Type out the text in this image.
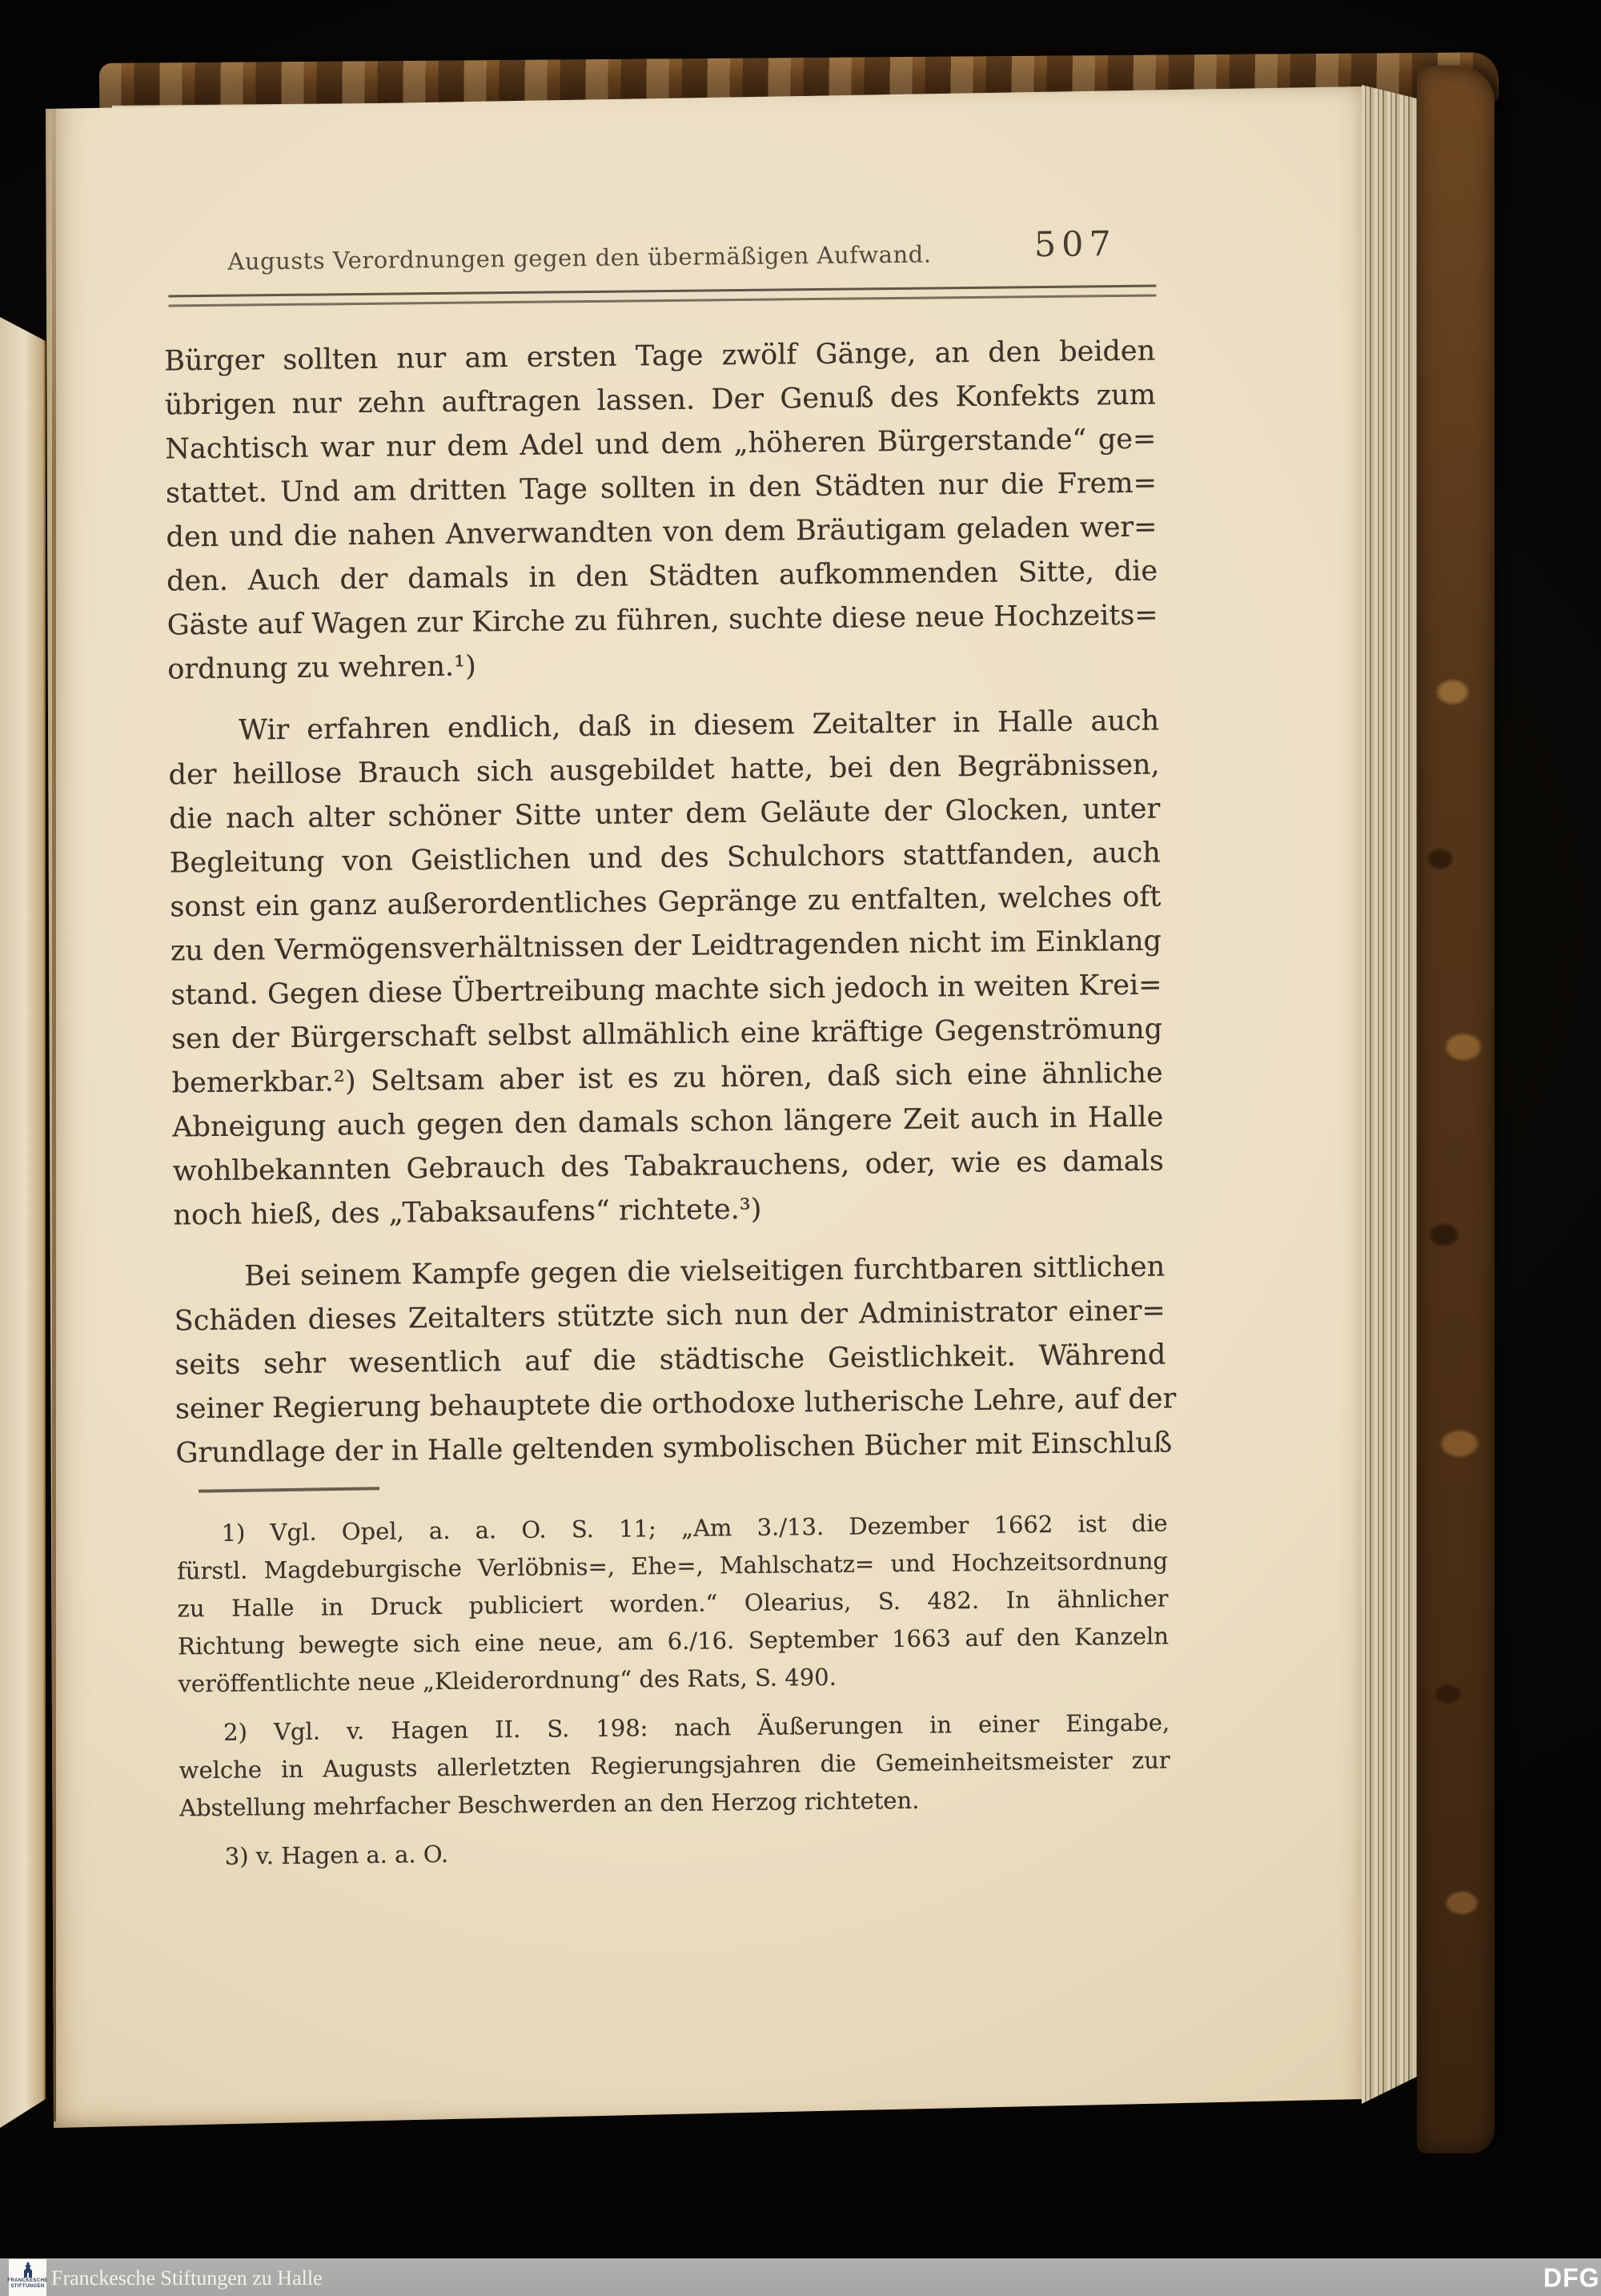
Augusts Verordnungen gegen den übermäßigen Aufwand.	507
Bürger sollten nur am ersten Tage zwölf Gänge, an den beiden
übrigen nur zehn auftragen lassen. Der Genuß des Konfekts zum
Nachtisch war nur dem Adel und dem „höheren Bürgerstande“ ge=
stattet. Und am dritten Tage sollten in den Städten nur die Frem=
den und die nahen Anverwandten von dem Bräutigam geladen wer=
den. Auch der damals in den Städten aufkommenden Sitte, die
Gäste auf Wagen zur Kirche zu führen, suchte diese neue Hochzeits=
ordnung zu wehren.¹)
Wir erfahren endlich, daß in diesem Zeitalter in Halle auch
der heillose Brauch sich ausgebildet hatte, bei den Begräbnissen,
die nach alter schöner Sitte unter dem Geläute der Glocken, unter
Begleitung von Geistlichen und des Schulchors stattfanden, auch
sonst ein ganz außerordentliches Gepränge zu entfalten, welches oft
zu den Vermögensverhältnissen der Leidtragenden nicht im Einklang
stand. Gegen diese Übertreibung machte sich jedoch in weiten Krei=
sen der Bürgerschaft selbst allmählich eine kräftige Gegenströmung
bemerkbar.²) Seltsam aber ist es zu hören, daß sich eine ähnliche
Abneigung auch gegen den damals schon längere Zeit auch in Halle
wohlbekannten Gebrauch des Tabakrauchens, oder, wie es damals
noch hieß, des „Tabaksaufens“ richtete.³)
Bei seinem Kampfe gegen die vielseitigen furchtbaren sittlichen
Schäden dieses Zeitalters stützte sich nun der Administrator einer=
seits sehr wesentlich auf die städtische Geistlichkeit. Während
seiner Regierung behauptete die orthodoxe lutherische Lehre, auf der
Grundlage der in Halle geltenden symbolischen Bücher mit Einschluß
1) Vgl. Opel, a. a. O. S. 11; „Am 3./13. Dezember 1662 ist die
fürstl. Magdeburgische Verlöbnis=, Ehe=, Mahlschatz= und Hochzeitsordnung
zu Halle in Druck publiciert worden.“ Olearius, S. 482. In ähnlicher
Richtung bewegte sich eine neue, am 6./16. September 1663 auf den Kanzeln
veröffentlichte neue „Kleiderordnung“ des Rats, S. 490.
2) Vgl. v. Hagen II. S. 198: nach Äußerungen in einer Eingabe,
welche in Augusts allerletzten Regierungsjahren die Gemeinheitsmeister zur
Abstellung mehrfacher Beschwerden an den Herzog richteten.
3) v. Hagen a. a. O.
FRANCKESCHE
STIFTUNGEN Franckesche Stiftungen zu Halle	DFG
